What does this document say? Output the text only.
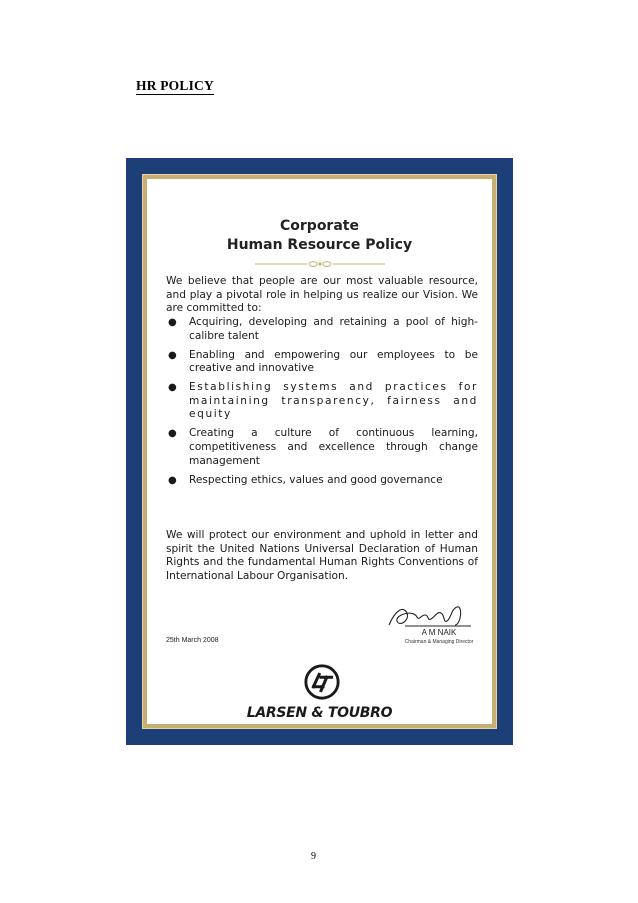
HR POLICY
Corporate
Human Resource Policy
We believe that people are our most valuable resource, and play a pivotal role in helping us realize our Vision. We are committed to:
● Acquiring, developing and retaining a pool of high-calibre talent
● Enabling and empowering our employees to be creative and innovative
● Establishing systems and practices for maintaining transparency, fairness and equity
● Creating a culture of continuous learning, competitiveness and excellence through change management
● Respecting ethics, values and good governance
We will protect our environment and uphold in letter and spirit the United Nations Universal Declaration of Human Rights and the fundamental Human Rights Conventions of International Labour Organisation.
25th March 2008
A M NAIK
Chairman & Managing Director
LARSEN & TOUBRO
9
